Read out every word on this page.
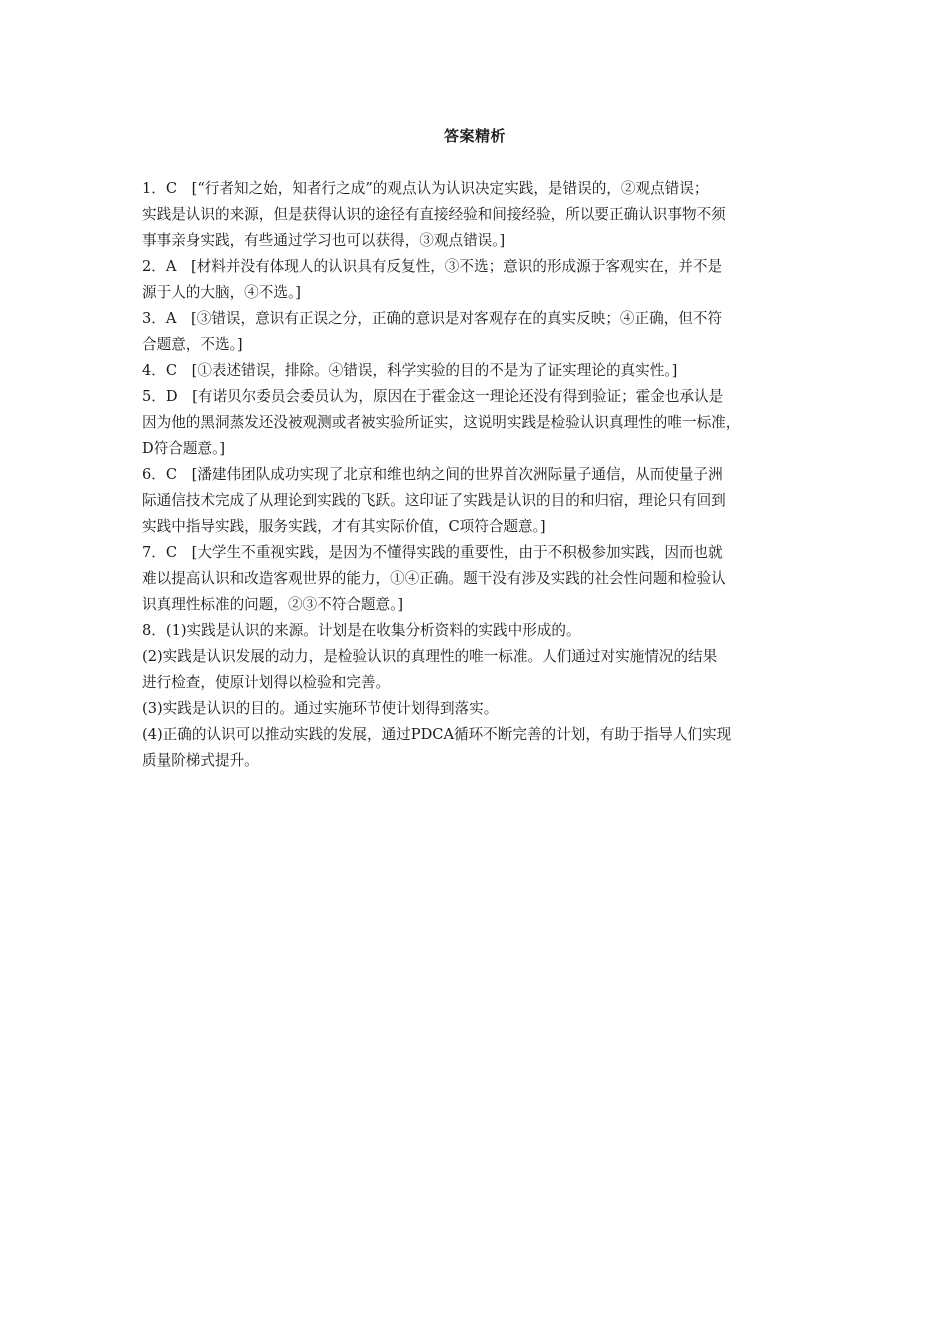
答案精析
1．C　[“行者知之始，知者行之成”的观点认为认识决定实践，是错误的，②观点错误；
实践是认识的来源，但是获得认识的途径有直接经验和间接经验，所以要正确认识事物不须
事事亲身实践，有些通过学习也可以获得，③观点错误。]
2．A　[材料并没有体现人的认识具有反复性，③不选；意识的形成源于客观实在，并不是
源于人的大脑，④不选。]
3．A　[③错误，意识有正误之分，正确的意识是对客观存在的真实反映；④正确，但不符
合题意，不选。]
4．C　[①表述错误，排除。④错误，科学实验的目的不是为了证实理论的真实性。]
5．D　[有诺贝尔委员会委员认为，原因在于霍金这一理论还没有得到验证；霍金也承认是
因为他的黑洞蒸发还没被观测或者被实验所证实，这说明实践是检验认识真理性的唯一标准，
D符合题意。]
6．C　[潘建伟团队成功实现了北京和维也纳之间的世界首次洲际量子通信，从而使量子洲
际通信技术完成了从理论到实践的飞跃。这印证了实践是认识的目的和归宿，理论只有回到
实践中指导实践，服务实践，才有其实际价值，C项符合题意。]
7．C　[大学生不重视实践，是因为不懂得实践的重要性，由于不积极参加实践，因而也就
难以提高认识和改造客观世界的能力，①④正确。题干没有涉及实践的社会性问题和检验认
识真理性标准的问题，②③不符合题意。]
8．(1)实践是认识的来源。计划是在收集分析资料的实践中形成的。
(2)实践是认识发展的动力，是检验认识的真理性的唯一标准。人们通过对实施情况的结果
进行检查，使原计划得以检验和完善。
(3)实践是认识的目的。通过实施环节使计划得到落实。
(4)正确的认识可以推动实践的发展，通过PDCA循环不断完善的计划，有助于指导人们实现
质量阶梯式提升。
